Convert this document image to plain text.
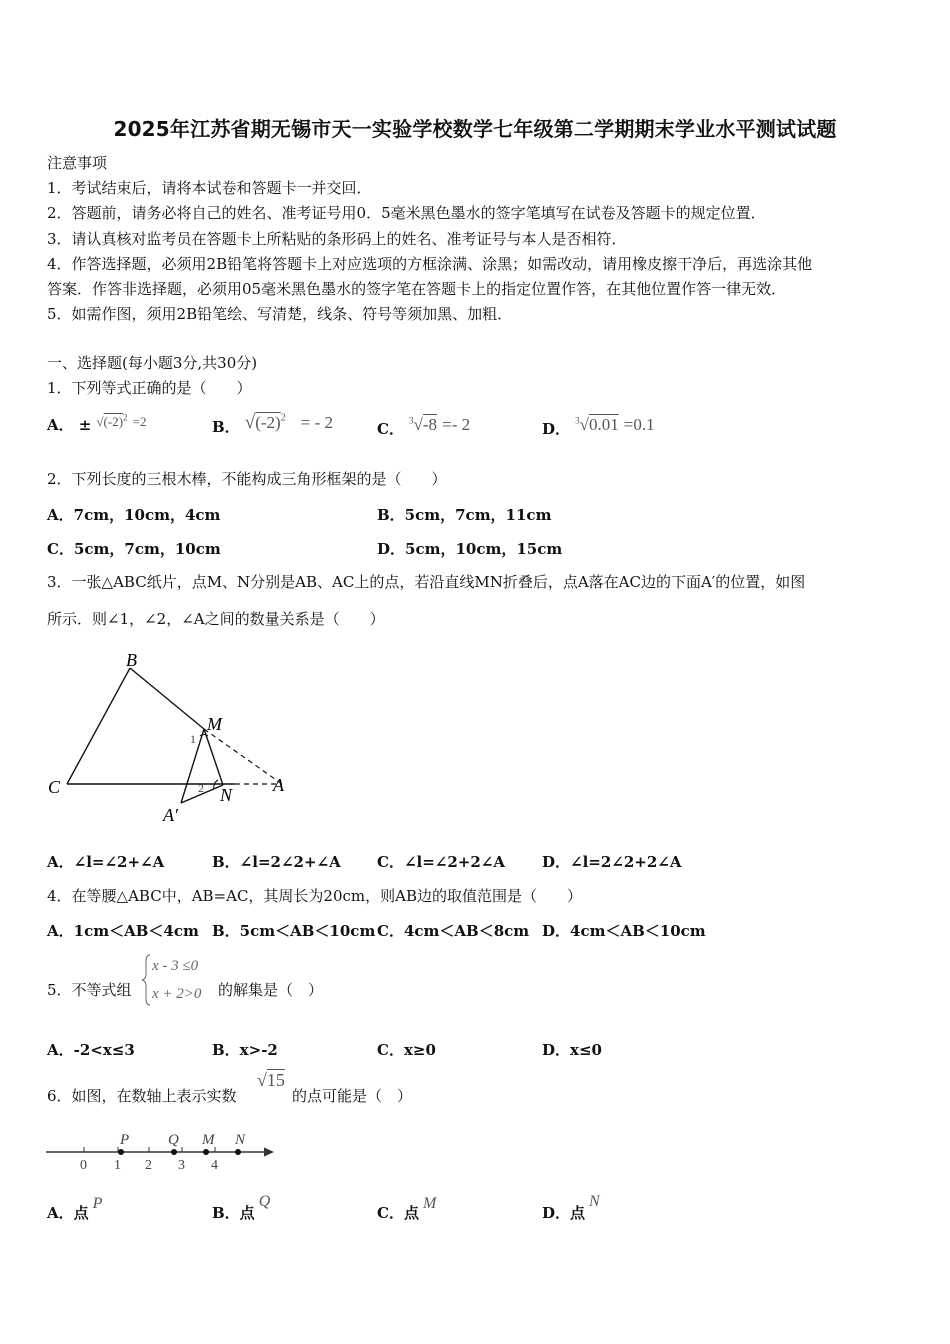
2025年江苏省期无锡市天一实验学校数学七年级第二学期期末学业水平测试试题
注意事项
1．考试结束后，请将本试卷和答题卡一并交回．
2．答题前，请务必将自己的姓名、准考证号用0．5毫米黑色墨水的签字笔填写在试卷及答题卡的规定位置．
3．请认真核对监考员在答题卡上所粘贴的条形码上的姓名、准考证号与本人是否相符．
4．作答选择题，必须用2B铅笔将答题卡上对应选项的方框涂满、涂黑；如需改动，请用橡皮擦干净后，再选涂其他
答案．作答非选择题，必须用05毫米黑色墨水的签字笔在答题卡上的指定位置作答，在其他位置作答一律无效．
5．如需作图，须用2B铅笔绘、写清楚，线条、符号等须加黑、加粗．
一、选择题(每小题3分,共30分)
1．下列等式正确的是（　　）
A． ± $^{√(-2)^2}$ $^{=2}$	B． $√(-2)^2$ = - 2	C． $^3$√-8 =- 2	D． $^3$√0.01 =0.1
2．下列长度的三根木棒，不能构成三角形框架的是（　　）
A．7cm，10cm，4cm	B．5cm，7cm，11cm
C．5cm，7cm，10cm	D．5cm，10cm，15cm
3．一张△ABC纸片，点M、N分别是AB、AC上的点，若沿直线MN折叠后，点A落在AC边的下面A′的位置，如图
所示．则∠1，∠2，∠A之间的数量关系是（　　）
B
M
1
C	2 N A
A′
A．∠l=∠2+∠A	B．∠l=2∠2+∠A C．∠l=∠2+2∠A D．∠l=2∠2+2∠A
4．在等腰△ABC中，AB=AC，其周长为20cm，则AB边的取值范围是（　　）
A．1cm＜AB＜4cm B．5cm＜AB＜10cm C．4cm＜AB＜8cm D．4cm＜AB＜10cm
5．不等式组
x - 3 ≤0
x + 2>0 的解集是（　）
A．-2<x≤3	B．x>-2	C．x≥0	D．x≤0
6．如图，在数轴上表示实数
√15
的点可能是（　）
0 1 2 3 4
P	Q M N
A．点P
B．点Q
C．点M
D．点N
